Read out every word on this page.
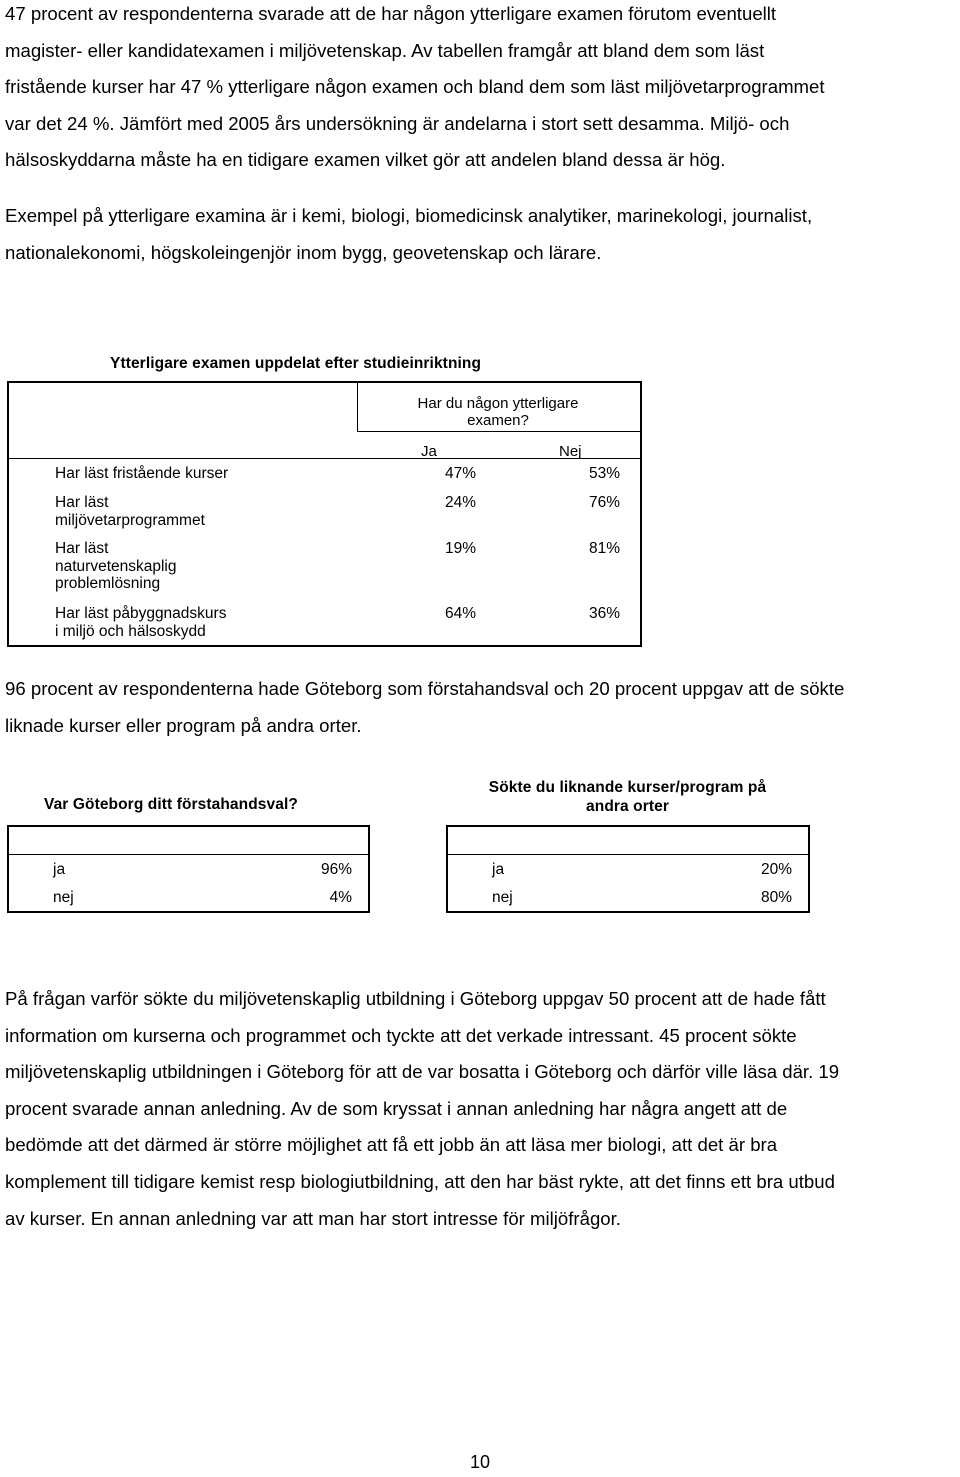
47 procent av respondenterna svarade att de har någon ytterligare examen förutom eventuellt
magister- eller kandidatexamen i miljövetenskap. Av tabellen framgår att bland dem som läst
fristående kurser har 47 % ytterligare någon examen och bland dem som läst miljövetarprogrammet
var det 24 %. Jämfört med 2005 års undersökning är andelarna i stort sett desamma. Miljö- och
hälsoskyddarna måste ha en tidigare examen vilket gör att andelen bland dessa är hög.
Exempel på ytterligare examina är i kemi, biologi, biomedicinsk analytiker, marinekologi, journalist,
nationalekonomi, högskoleingenjör inom bygg, geovetenskap och lärare.
Ytterligare examen uppdelat efter studieinriktning
Har du någon ytterligare
examen?
Ja	Nej
Har läst fristående kurser	47%	53%
Har läst
miljövetarprogrammet
24%	76%
Har läst
naturvetenskaplig
problemlösning
19%	81%
Har läst påbyggnadskurs
i miljö och hälsoskydd
64%	36%
96 procent av respondenterna hade Göteborg som förstahandsval och 20 procent uppgav att de sökte
liknade kurser eller program på andra orter.
Var Göteborg ditt förstahandsval?
ja	96%
nej	4%
Sökte du liknande kurser/program på
andra orter
ja	20%
nej	80%
På frågan varför sökte du miljövetenskaplig utbildning i Göteborg uppgav 50 procent att de hade fått
information om kurserna och programmet och tyckte att det verkade intressant. 45 procent sökte
miljövetenskaplig utbildningen i Göteborg för att de var bosatta i Göteborg och därför ville läsa där. 19
procent svarade annan anledning. Av de som kryssat i annan anledning har några angett att de
bedömde att det därmed är större möjlighet att få ett jobb än att läsa mer biologi, att det är bra
komplement till tidigare kemist resp biologiutbildning, att den har bäst rykte, att det finns ett bra utbud
av kurser. En annan anledning var att man har stort intresse för miljöfrågor.
10
